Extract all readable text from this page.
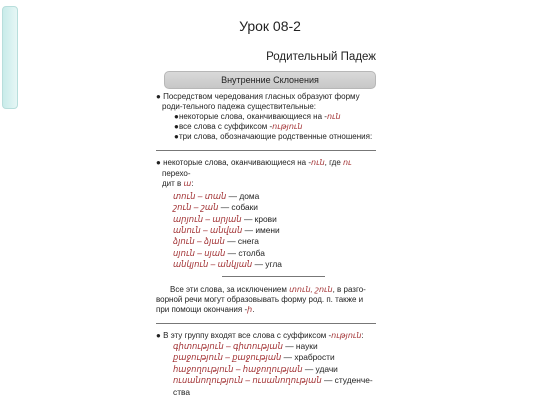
Урок 08-2
Родительный Падеж
Внутренние Склонения
● Посредством чередования гласных образуют форму роди-тельного падежа существительные:
● некоторые слова, оканчивающиеся на -ուն
● все слова с суффиксом -ություն
● три слова, обозначающие родственные отношения:
● некоторые слова, оканчивающиеся на -ուն, где ու перехо-
дит в ա:
տուն – տան — дома
շուն – շան — собаки
արյուն – արյան — крови
անուն – անվան — имени
ձյուն – ձյան — снега
սյուն – սյան — столба
անկյուն – անկյան — угла
Все эти слова, за исключением տուն, շուն, в разго-
ворной речи могут образовывать форму род. п. также и
при помощи окончания -ի.
● В эту группу входят все слова с суффиксом -ություն:
գիտություն – գիտության — науки
քաջություն – քաջության — храбрости
հաջողություն – հաջողության — удачи
ուսանողություն – ուսանողության — студенче-
ства
